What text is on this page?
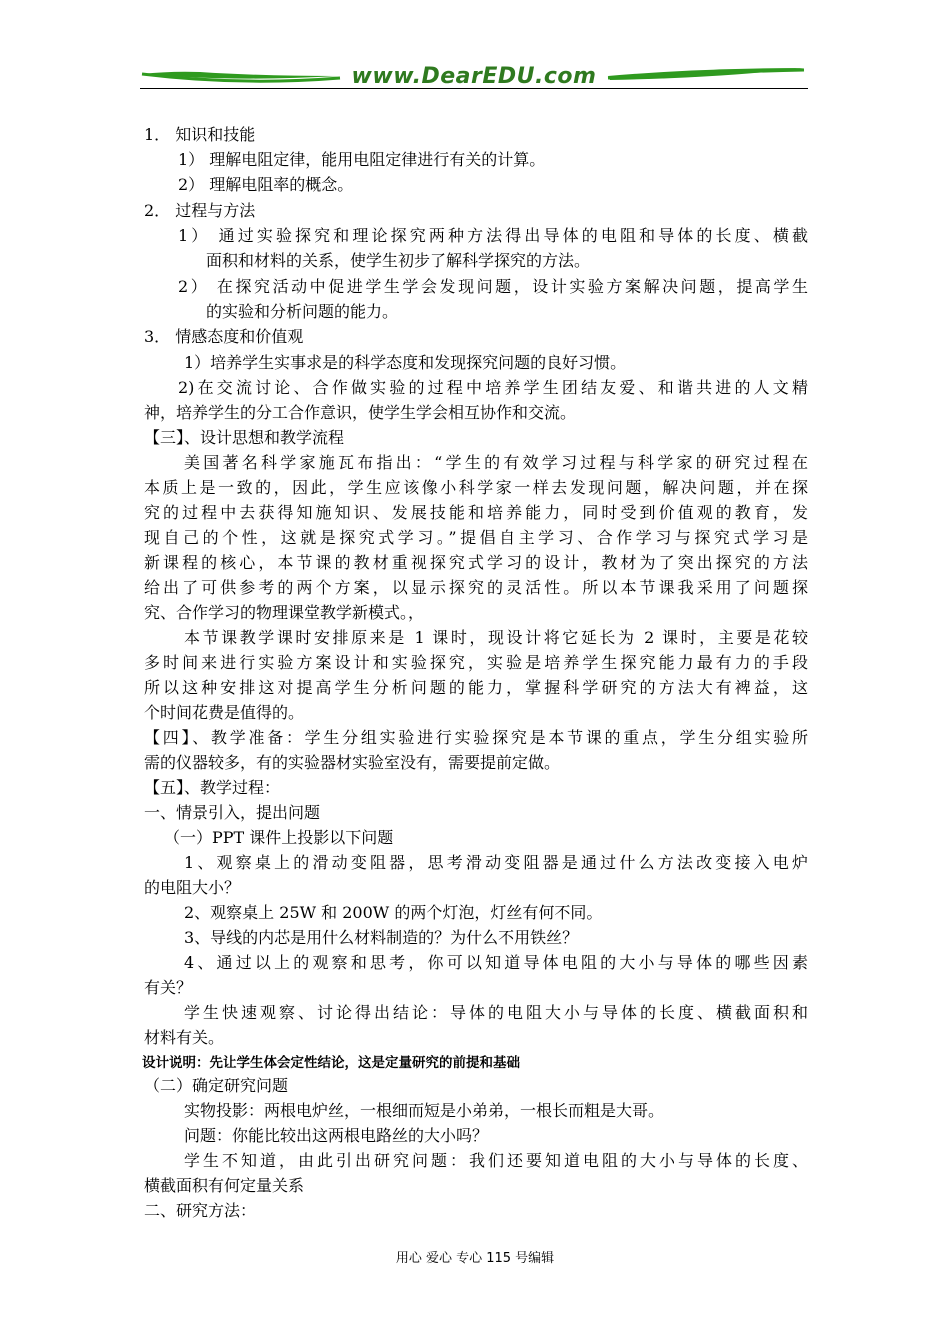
www.DearEDU.com
1． 知识和技能
1） 理解电阻定律，能用电阻定律进行有关的计算。
2） 理解电阻率的概念。
2． 过程与方法
1） 通过实验探究和理论探究两种方法得出导体的电阻和导体的长度、横截
面积和材料的关系，使学生初步了解科学探究的方法。
2） 在探究活动中促进学生学会发现问题，设计实验方案解决问题，提高学生
的实验和分析问题的能力。
3． 情感态度和价值观
1）培养学生实事求是的科学态度和发现探究问题的良好习惯。
2)在交流讨论、合作做实验的过程中培养学生团结友爱、和谐共进的人文精
神，培养学生的分工合作意识，使学生学会相互协作和交流。
【三】、设计思想和教学流程
美国著名科学家施瓦布指出：“学生的有效学习过程与科学家的研究过程在
本质上是一致的，因此，学生应该像小科学家一样去发现问题，解决问题，并在探
究的过程中去获得知施知识、发展技能和培养能力，同时受到价值观的教育，发
现自己的个性，这就是探究式学习。”提倡自主学习、合作学习与探究式学习是
新课程的核心，本节课的教材重视探究式学习的设计，教材为了突出探究的方法
给出了可供参考的两个方案，以显示探究的灵活性。所以本节课我采用了问题探
究、合作学习的物理课堂教学新模式。，
本节课教学课时安排原来是 1 课时，现设计将它延长为 2 课时，主要是花较
多时间来进行实验方案设计和实验探究，实验是培养学生探究能力最有力的手段
所以这种安排这对提高学生分析问题的能力，掌握科学研究的方法大有裨益，这
个时间花费是值得的。
【四】、教学准备：学生分组实验进行实验探究是本节课的重点，学生分组实验所
需的仪器较多，有的实验器材实验室没有，需要提前定做。
【五】、教学过程：
一、情景引入，提出问题
（一）PPT 课件上投影以下问题
1、观察桌上的滑动变阻器，思考滑动变阻器是通过什么方法改变接入电炉
的电阻大小？
2、观察桌上 25W 和 200W 的两个灯泡，灯丝有何不同。
3、导线的内芯是用什么材料制造的？为什么不用铁丝？
4、通过以上的观察和思考，你可以知道导体电阻的大小与导体的哪些因素
有关？
学生快速观察、讨论得出结论：导体的电阻大小与导体的长度、横截面积和
材料有关。
设计说明：先让学生体会定性结论，这是定量研究的前提和基础
（二）确定研究问题
实物投影：两根电炉丝，一根细而短是小弟弟，一根长而粗是大哥。
问题：你能比较出这两根电路丝的大小吗？
学生不知道，由此引出研究问题：我们还要知道电阻的大小与导体的长度、
横截面积有何定量关系
二、研究方法：
用心 爱心 专心 115 号编辑
